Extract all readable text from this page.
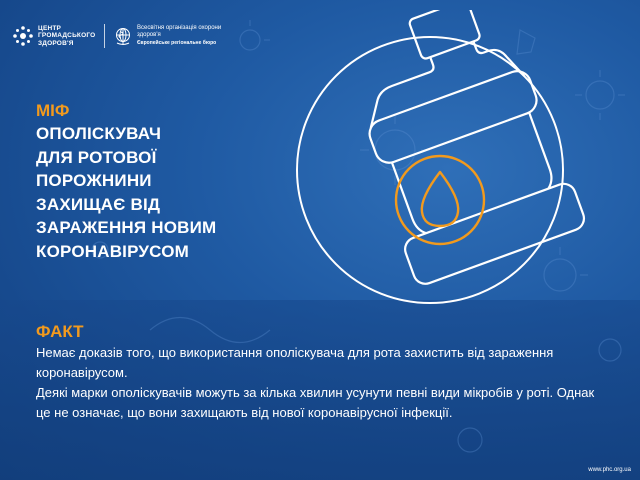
ЦЕНТР ГРОМАДСЬКОГО ЗДОРОВ'Я
Всесвітня організація охорони здоров'я
Європейське регіональне бюро

МІФ

ОПОЛІСКУВАЧ

ДЛЯ РОТОВОЇ

ПОРОЖНИНИ

ЗАХИЩАЄ ВІД

ЗАРАЖЕННЯ НОВИМ

КОРОНАВІРУСОМ

ФАКТ

Немає доказів того, що використання ополіскувача для рота захистить від зараження коронавірусом.

Деякі марки ополіскувачів можуть за кілька хвилин усунути певні види мікробів у роті. Однак це не означає, що вони захищають від нової коронавірусної інфекції.

www.phc.org.ua
